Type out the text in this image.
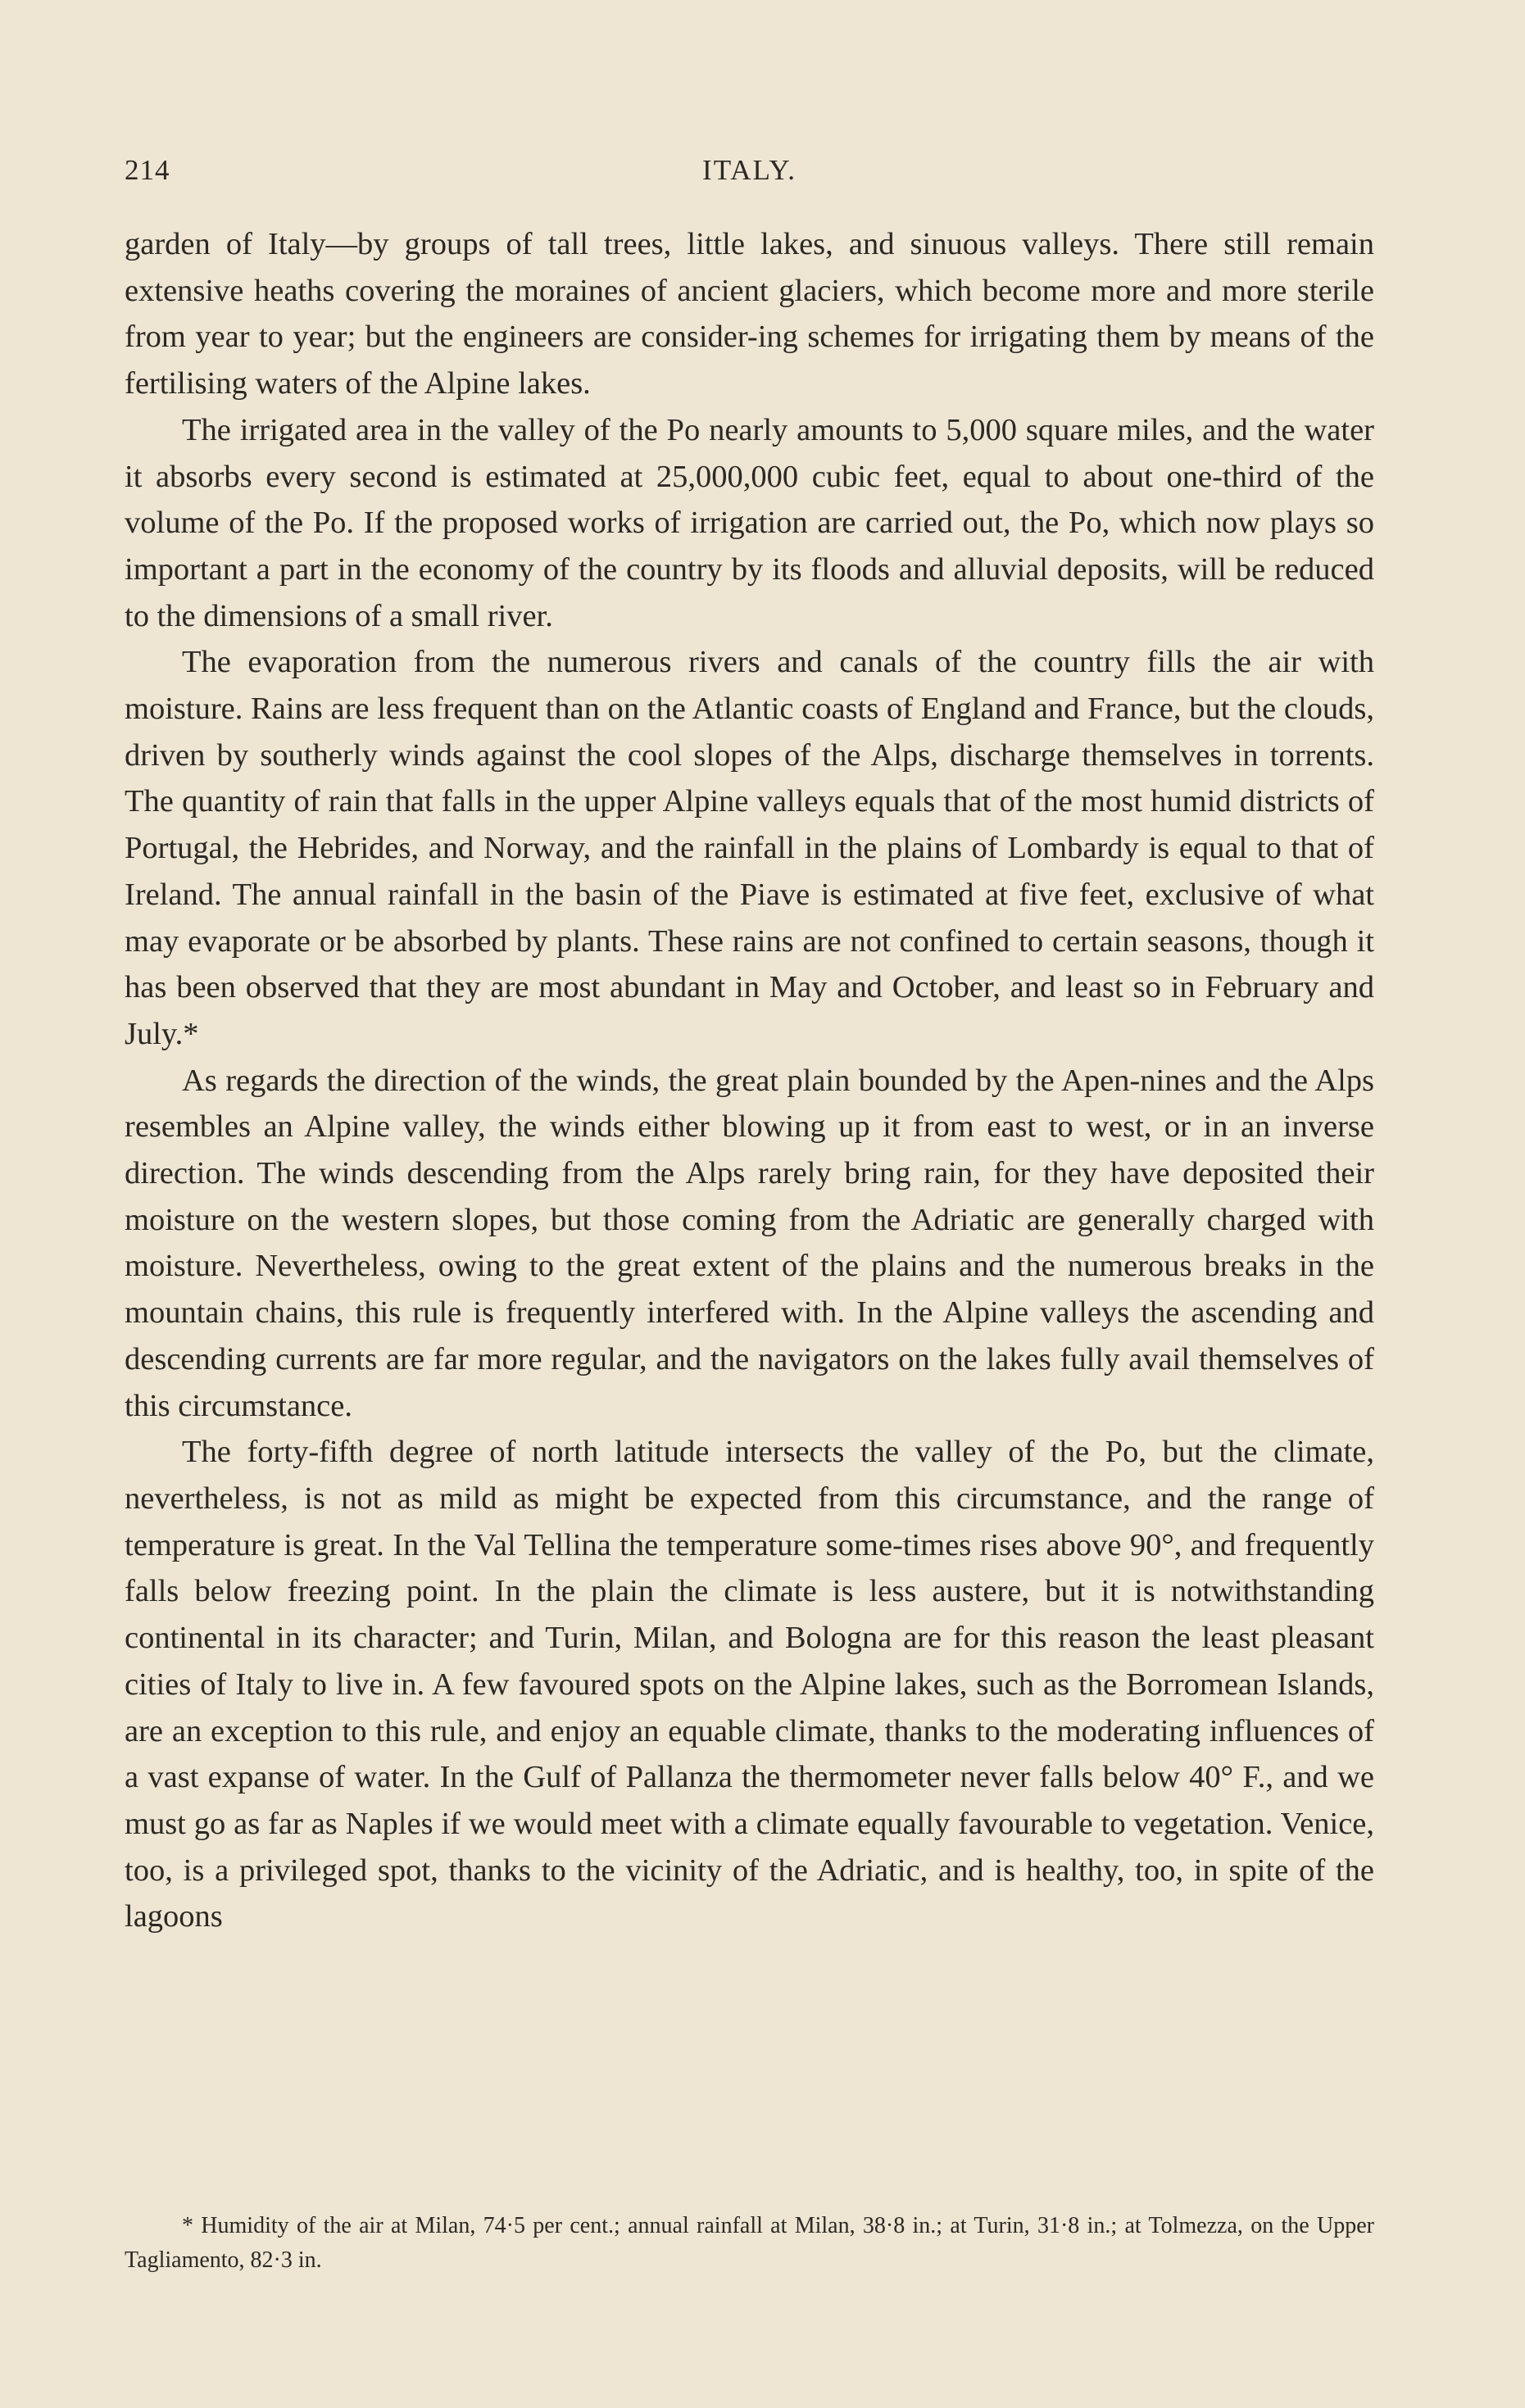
214	ITALY.

garden of Italy—by groups of tall trees, little lakes, and sinuous valleys. There still remain extensive heaths covering the moraines of ancient glaciers, which become more and more sterile from year to year; but the engineers are consider-ing schemes for irrigating them by means of the fertilising waters of the Alpine lakes.

The irrigated area in the valley of the Po nearly amounts to 5,000 square miles, and the water it absorbs every second is estimated at 25,000,000 cubic feet, equal to about one-third of the volume of the Po. If the proposed works of irrigation are carried out, the Po, which now plays so important a part in the economy of the country by its floods and alluvial deposits, will be reduced to the dimensions of a small river.

The evaporation from the numerous rivers and canals of the country fills the air with moisture. Rains are less frequent than on the Atlantic coasts of England and France, but the clouds, driven by southerly winds against the cool slopes of the Alps, discharge themselves in torrents. The quantity of rain that falls in the upper Alpine valleys equals that of the most humid districts of Portugal, the Hebrides, and Norway, and the rainfall in the plains of Lombardy is equal to that of Ireland. The annual rainfall in the basin of the Piave is estimated at five feet, exclusive of what may evaporate or be absorbed by plants. These rains are not confined to certain seasons, though it has been observed that they are most abundant in May and October, and least so in February and July.*

As regards the direction of the winds, the great plain bounded by the Apen-nines and the Alps resembles an Alpine valley, the winds either blowing up it from east to west, or in an inverse direction. The winds descending from the Alps rarely bring rain, for they have deposited their moisture on the western slopes, but those coming from the Adriatic are generally charged with moisture. Nevertheless, owing to the great extent of the plains and the numerous breaks in the mountain chains, this rule is frequently interfered with. In the Alpine valleys the ascending and descending currents are far more regular, and the navigators on the lakes fully avail themselves of this circumstance.

The forty-fifth degree of north latitude intersects the valley of the Po, but the climate, nevertheless, is not as mild as might be expected from this circumstance, and the range of temperature is great. In the Val Tellina the temperature some-times rises above 90°, and frequently falls below freezing point. In the plain the climate is less austere, but it is notwithstanding continental in its character; and Turin, Milan, and Bologna are for this reason the least pleasant cities of Italy to live in. A few favoured spots on the Alpine lakes, such as the Borromean Islands, are an exception to this rule, and enjoy an equable climate, thanks to the moderating influences of a vast expanse of water. In the Gulf of Pallanza the thermometer never falls below 40° F., and we must go as far as Naples if we would meet with a climate equally favourable to vegetation. Venice, too, is a privileged spot, thanks to the vicinity of the Adriatic, and is healthy, too, in spite of the lagoons

* Humidity of the air at Milan, 74·5 per cent.; annual rainfall at Milan, 38·8 in.; at Turin, 31·8 in.; at Tolmezza, on the Upper Tagliamento, 82·3 in.
